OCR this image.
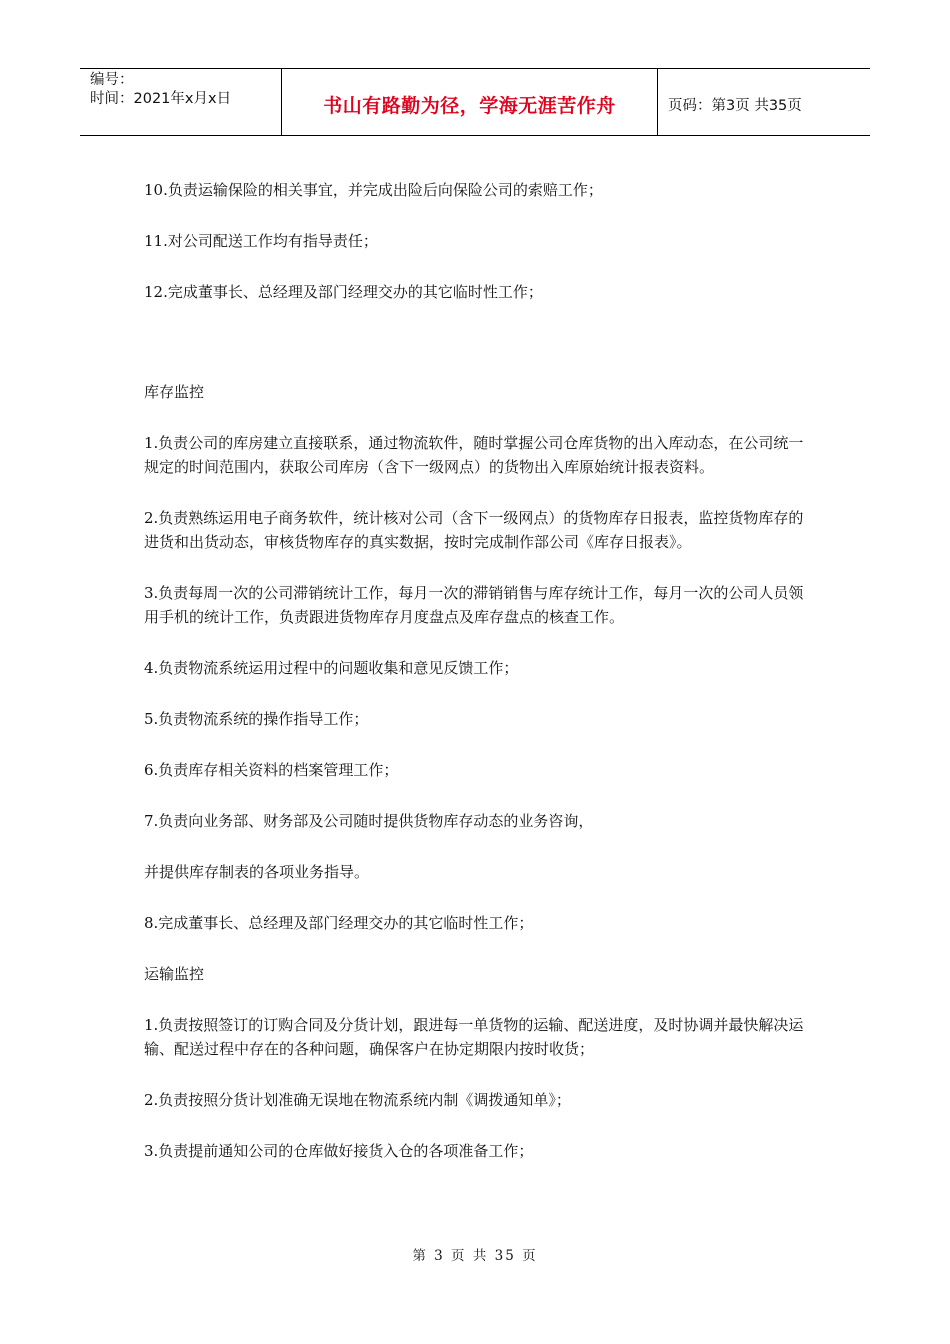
编号：
时间：2021年x月x日	书山有路勤为径，学海无涯苦作舟	页码：第3页 共35页

10.负责运输保险的相关事宜，并完成出险后向保险公司的索赔工作；

11.对公司配送工作均有指导责任；

12.完成董事长、总经理及部门经理交办的其它临时性工作；

库存监控

1.负责公司的库房建立直接联系，通过物流软件，随时掌握公司仓库货物的出入库动态，在公司统一规定的时间范围内，获取公司库房（含下一级网点）的货物出入库原始统计报表资料。

2.负责熟练运用电子商务软件，统计核对公司（含下一级网点）的货物库存日报表，监控货物库存的进货和出货动态，审核货物库存的真实数据，按时完成制作部公司《库存日报表》。

3.负责每周一次的公司滞销统计工作，每月一次的滞销销售与库存统计工作，每月一次的公司人员领用手机的统计工作，负责跟进货物库存月度盘点及库存盘点的核查工作。

4.负责物流系统运用过程中的问题收集和意见反馈工作；

5.负责物流系统的操作指导工作；

6.负责库存相关资料的档案管理工作；

7.负责向业务部、财务部及公司随时提供货物库存动态的业务咨询，

并提供库存制表的各项业务指导。

8.完成董事长、总经理及部门经理交办的其它临时性工作；

运输监控

1.负责按照签订的订购合同及分货计划，跟进每一单货物的运输、配送进度，及时协调并最快解决运输、配送过程中存在的各种问题，确保客户在协定期限内按时收货；

2.负责按照分货计划准确无误地在物流系统内制《调拨通知单》；

3.负责提前通知公司的仓库做好接货入仓的各项准备工作；

第 3 页 共 35 页
